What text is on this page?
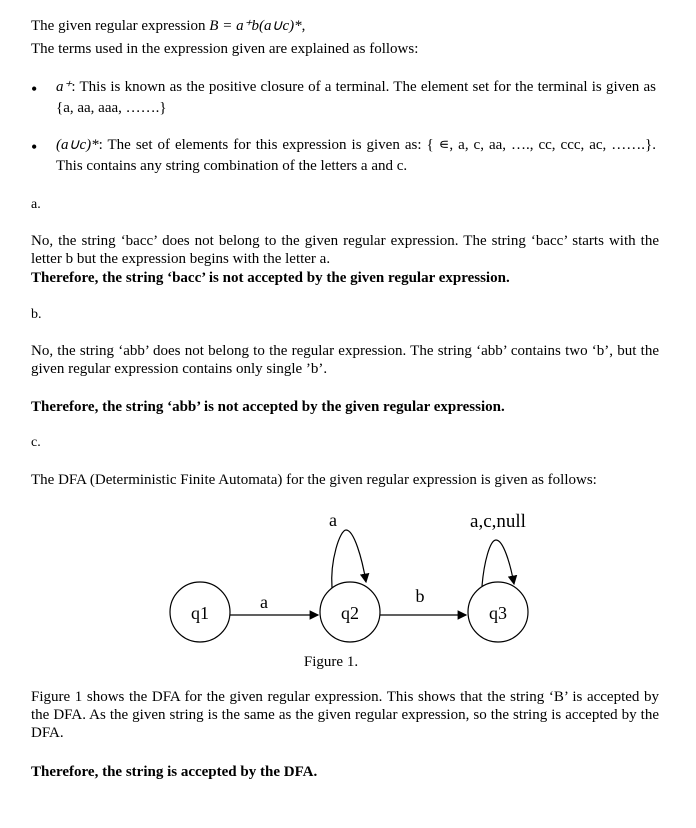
The given regular expression B = a⁺b(a∪c)*,
The terms used in the expression given are explained as follows:
• a⁺: This is known as the positive closure of a terminal. The element set for the terminal is given as {a, aa, aaa, …….}
• (a∪c)*: The set of elements for this expression is given as: { ∊, a, c, aa, …., cc, ccc, ac, …….}. This contains any string combination of the letters a and c.
a.
No, the string ‘bacc’ does not belong to the given regular expression. The string ‘bacc’ starts with the letter b but the expression begins with the letter a.
Therefore, the string ‘bacc’ is not accepted by the given regular expression.
b.
No, the string ‘abb’ does not belong to the regular expression. The string ‘abb’ contains two ‘b’, but the given regular expression contains only single ’b’.
Therefore, the string ‘abb’ is not accepted by the given regular expression.
c.
The DFA (Deterministic Finite Automata) for the given regular expression is given as follows:
q1	q2	q3
a	b
a	a,c,null
Figure 1.
Figure 1 shows the DFA for the given regular expression. This shows that the string ‘B’ is accepted by the DFA. As the given string is the same as the given regular expression, so the string is accepted by the DFA.
Therefore, the string is accepted by the DFA.
